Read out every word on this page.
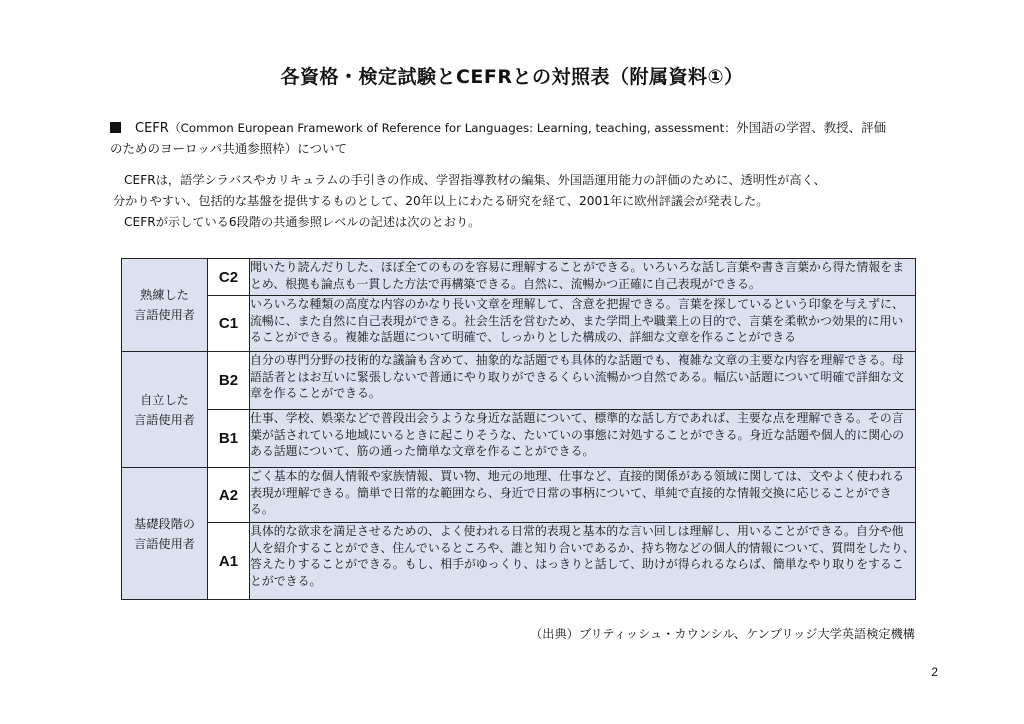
各資格・検定試験とCEFRとの対照表（附属資料①）
CEFR（Common European Framework of Reference for Languages: Learning, teaching, assessment：外国語の学習、教授、評価
のためのヨーロッパ共通参照枠）について

CEFRは，語学シラバスやカリキュラムの手引きの作成、学習指導教材の編集、外国語運用能力の評価のために、透明性が高く、

分かりやすい、包括的な基盤を提供するものとして、20年以上にわたる研究を経て、2001年に欧州評議会が発表した。

CEFRが示している6段階の共通参照レベルの記述は次のとおり。

熟練した
言語使用者	C2	聞いたり読んだりした、ほぼ全てのものを容易に理解することができる。いろいろな話し言葉や書き言葉から得た情報をまとめ、根拠も論点も一貫した方法で再構築できる。自然に、流暢かつ正確に自己表現ができる。
	C1	いろいろな種類の高度な内容のかなり長い文章を理解して、含意を把握できる。言葉を探しているという印象を与えずに、流暢に、また自然に自己表現ができる。社会生活を営むため、また学問上や職業上の目的で、言葉を柔軟かつ効果的に用いることができる。複雑な話題について明確で、しっかりとした構成の、詳細な文章を作ることができる
自立した
言語使用者	B2	自分の専門分野の技術的な議論も含めて、抽象的な話題でも具体的な話題でも、複雑な文章の主要な内容を理解できる。母語話者とはお互いに緊張しないで普通にやり取りができるくらい流暢かつ自然である。幅広い話題について明確で詳細な文章を作ることができる。
	B1	仕事、学校、娯楽などで普段出会うような身近な話題について、標準的な話し方であれば、主要な点を理解できる。その言葉が話されている地域にいるときに起こりそうな、たいていの事態に対処することができる。身近な話題や個人的に関心のある話題について、筋の通った簡単な文章を作ることができる。
基礎段階の
言語使用者	A2	ごく基本的な個人情報や家族情報、買い物、地元の地理、仕事など、直接的関係がある領域に関しては、文やよく使われる表現が理解できる。簡単で日常的な範囲なら、身近で日常の事柄について、単純で直接的な情報交換に応じることができる。
	A1	具体的な欲求を満足させるための、よく使われる日常的表現と基本的な言い回しは理解し、用いることができる。自分や他人を紹介することができ、住んでいるところや、誰と知り合いであるか、持ち物などの個人的情報について、質問をしたり、答えたりすることができる。もし、相手がゆっくり、はっきりと話して、助けが得られるならば、簡単なやり取りをすることができる。
（出典）ブリティッシュ・カウンシル、ケンブリッジ大学英語検定機構
2
